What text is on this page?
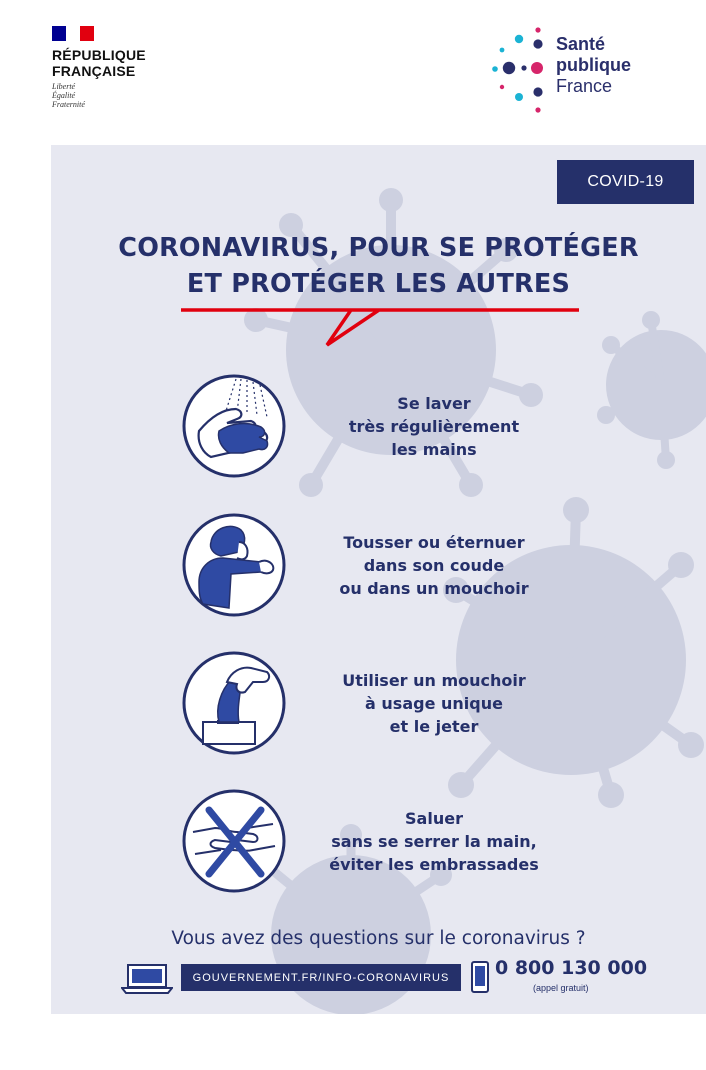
RÉPUBLIQUE
FRANÇAISE
Liberté
Égalité
Fraternité
Santé
publique
France
COVID-19
CORONAVIRUS, POUR SE PROTÉGER
ET PROTÉGER LES AUTRES
Se laver
très régulièrement
les mains
Tousser ou éternuer
dans son coude
ou dans un mouchoir
Utiliser un mouchoir
à usage unique
et le jeter
Saluer
sans se serrer la main,
éviter les embrassades
Vous avez des questions sur le coronavirus ?
GOUVERNEMENT.FR/INFO-CORONAVIRUS	0 800 130 000
(appel gratuit)
